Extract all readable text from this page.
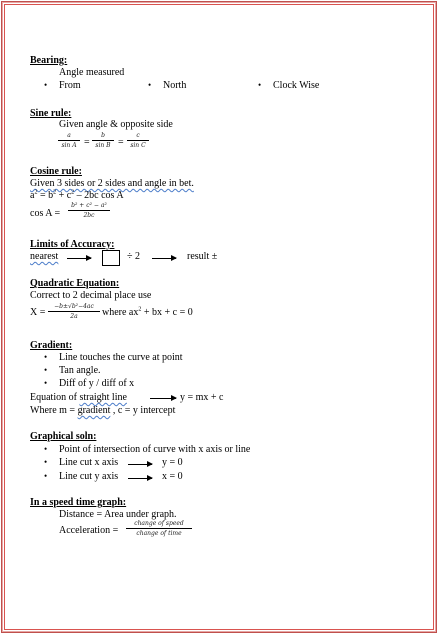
Bearing:
Angle measured
• From	• North	• Clock Wise
Sine rule:
Given angle & opposite side
a
sin A =
b
sin B =
c
sin C
Cosine rule:
Given 3 sides or 2 sides and angle in bet.
$a^2 = b^2 + c^2 - 2bc$ cos A
cos A =
b² + c² − a²
2bc
Limits of Accuracy:
nearest	÷ 2	result ±
Quadratic Equation:
Correct to 2 decimal place use
X =
−b±√b²−4ac
2a	where $ax^2$ + bx + c = 0
Gradient:
• Line touches the curve at point
• Tan angle.
• Diff of y / diff of x
Equation of straight line	y = mx + c
Where m = gradient , c = y intercept
Graphical soln:
• Point of intersection of curve with x axis or line
• Line cut x axis	y = 0
• Line cut y axis	x = 0
In a speed time graph:
Distance = Area under graph.
Acceleration =
change of speed
change of time
